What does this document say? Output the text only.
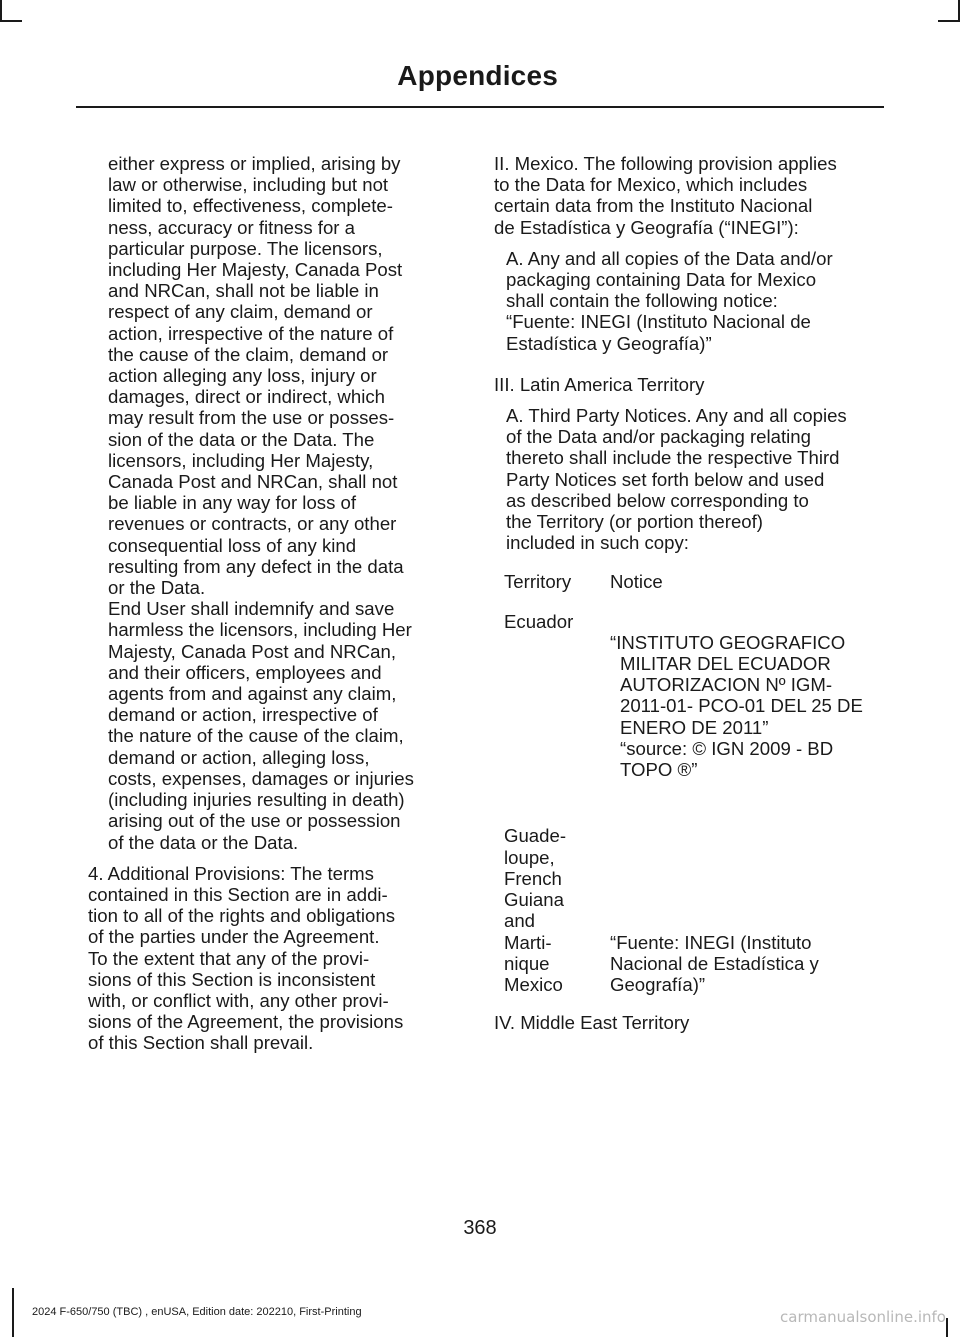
Appendices

either express or implied, arising by
law or otherwise, including but not
limited to, effectiveness, complete-
ness, accuracy or fitness for a
particular purpose. The licensors,
including Her Majesty, Canada Post
and NRCan, shall not be liable in
respect of any claim, demand or
action, irrespective of the nature of
the cause of the claim, demand or
action alleging any loss, injury or
damages, direct or indirect, which
may result from the use or posses-
sion of the data or the Data. The
licensors, including Her Majesty,
Canada Post and NRCan, shall not
be liable in any way for loss of
revenues or contracts, or any other
consequential loss of any kind
resulting from any defect in the data
or the Data.

End User shall indemnify and save
harmless the licensors, including Her
Majesty, Canada Post and NRCan,
and their officers, employees and
agents from and against any claim,
demand or action, irrespective of
the nature of the cause of the claim,
demand or action, alleging loss,
costs, expenses, damages or injuries
(including injuries resulting in death)
arising out of the use or possession
of the data or the Data.

4. Additional Provisions: The terms
contained in this Section are in addi-
tion to all of the rights and obligations
of the parties under the Agreement.
To the extent that any of the provi-
sions of this Section is inconsistent
with, or conflict with, any other provi-
sions of the Agreement, the provisions
of this Section shall prevail.

II. Mexico. The following provision applies
to the Data for Mexico, which includes
certain data from the Instituto Nacional
de Estadística y Geografía (“INEGI”):

A. Any and all copies of the Data and/or
packaging containing Data for Mexico
shall contain the following notice:
“Fuente: INEGI (Instituto Nacional de
Estadística y Geografía)”

III. Latin America Territory

A. Third Party Notices. Any and all copies
of the Data and/or packaging relating
thereto shall include the respective Third
Party Notices set forth below and used
as described below corresponding to
the Territory (or portion thereof)
included in such copy:

Territory	Notice
Ecuador

“INSTITUTO GEOGRAFICO

MILITAR DEL ECUADOR
AUTORIZACION Nº IGM-
2011-01- PCO-01 DEL 25 DE
ENERO DE 2011”
“source: © IGN 2009 - BD
TOPO ®”

Guade-
loupe,
French
Guiana
and
Marti-
nique
Mexico
“Fuente: INEGI (Instituto
Nacional de Estadística y
Geografía)”

IV. Middle East Territory

368
2024 F-650/750 (TBC) , enUSA, Edition date: 202210, First-Printing	carmanualsonline.info
